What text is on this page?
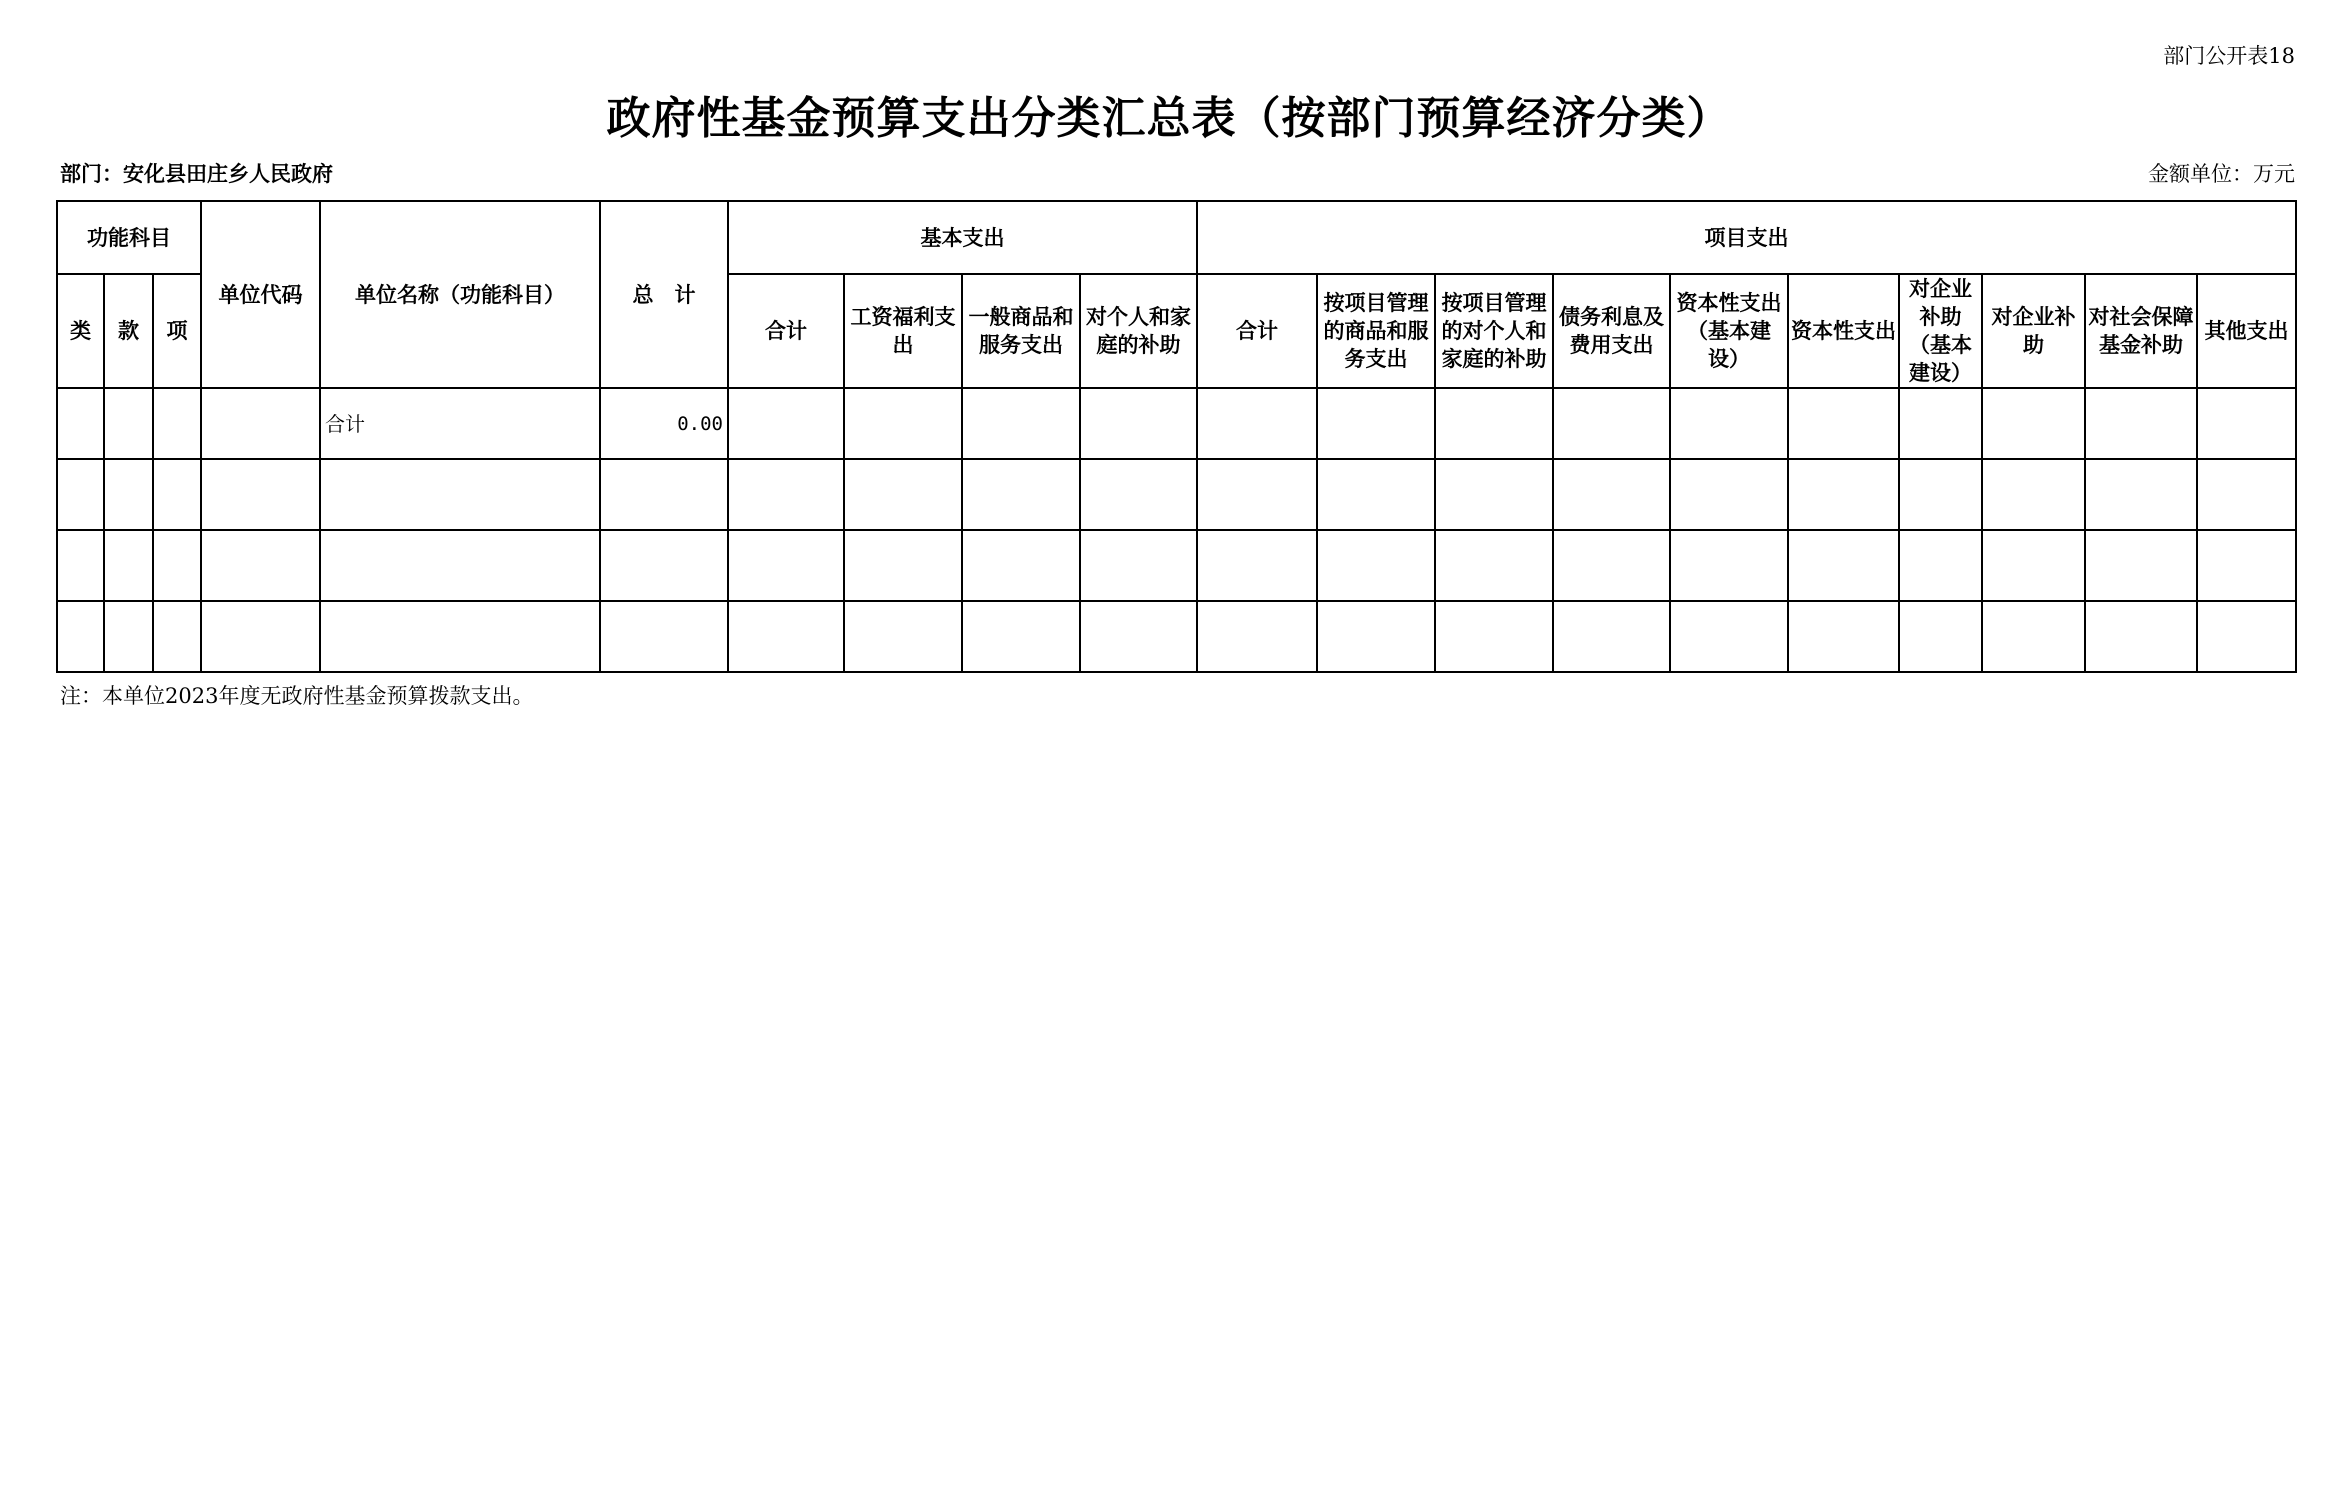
部门公开表18
政府性基金预算支出分类汇总表（按部门预算经济分类）
部门：安化县田庄乡人民政府	金额单位：万元
功能科目			单位代码	单位名称（功能科目）	总　计	基本支出				项目支出									
类	款	项				合计	工资福利支出	一般商品和服务支出	对个人和家庭的补助	合计	按项目管理的商品和服务支出	按项目管理的对个人和家庭的补助	债务利息及费用支出	资本性支出（基本建设）	资本性支出	对企业补助（基本建设）	对企业补助	对社会保障基金补助	其他支出
				合计	0.00														

注：本单位2023年度无政府性基金预算拨款支出。
